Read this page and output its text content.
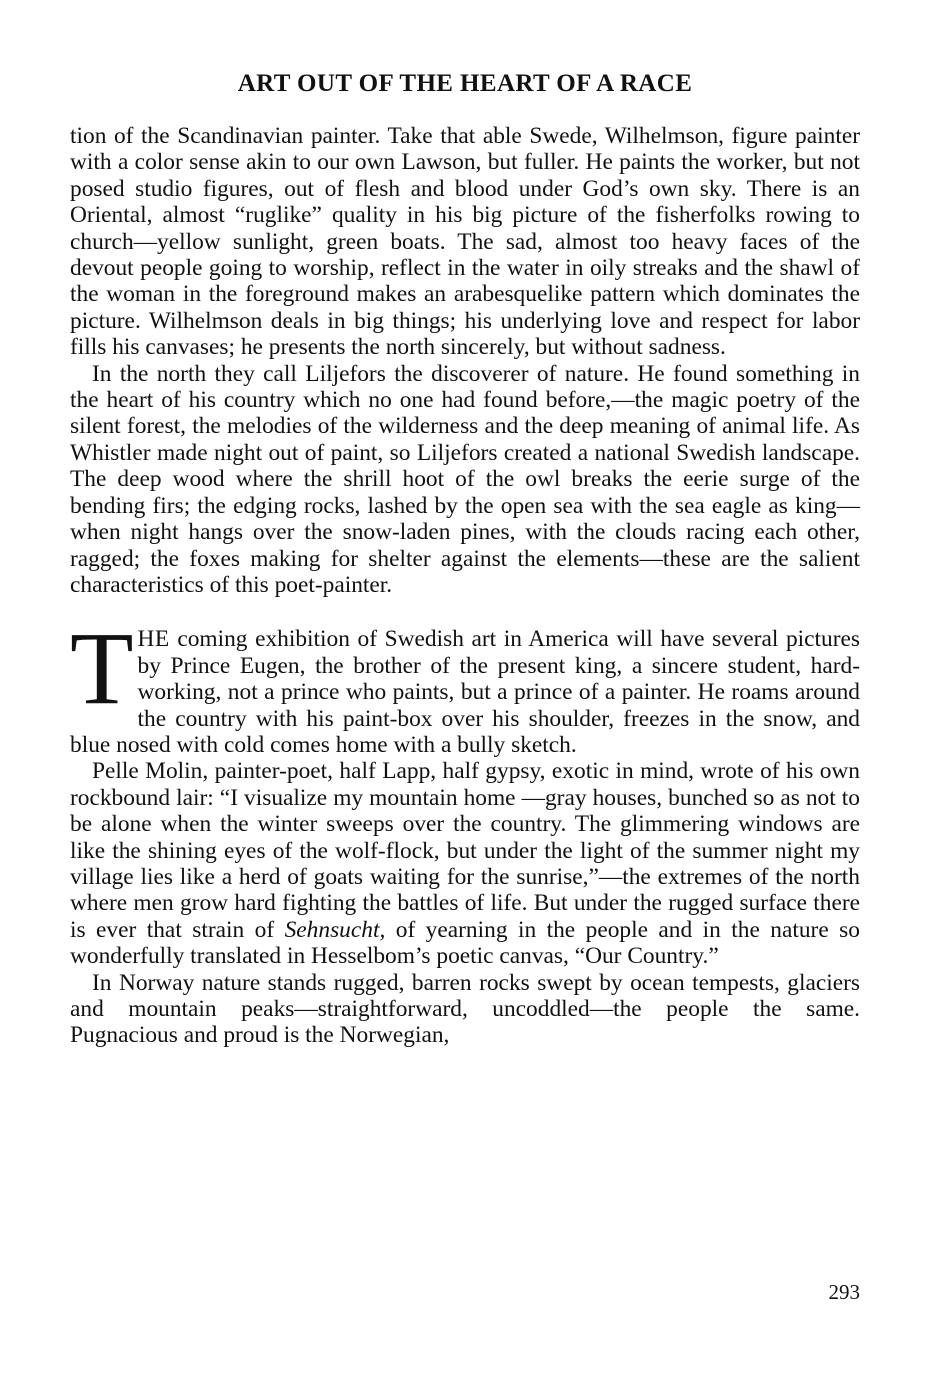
ART OUT OF THE HEART OF A RACE

tion of the Scandinavian painter. Take that able Swede, Wilhelmson, figure painter with a color sense akin to our own Lawson, but fuller. He paints the worker, but not posed studio figures, out of flesh and blood under God’s own sky. There is an Oriental, almost “ruglike” quality in his big picture of the fisherfolks rowing to church—yellow sunlight, green boats. The sad, almost too heavy faces of the devout people going to worship, reflect in the water in oily streaks and the shawl of the woman in the foreground makes an arabesquelike pattern which dominates the picture. Wilhelmson deals in big things; his underlying love and respect for labor fills his canvases; he presents the north sincerely, but without sadness.

In the north they call Liljefors the discoverer of nature. He found something in the heart of his country which no one had found before,—the magic poetry of the silent forest, the melodies of the wilderness and the deep meaning of animal life. As Whistler made night out of paint, so Liljefors created a national Swedish landscape. The deep wood where the shrill hoot of the owl breaks the eerie surge of the bending firs; the edging rocks, lashed by the open sea with the sea eagle as king—when night hangs over the snow-laden pines, with the clouds racing each other, ragged; the foxes making for shelter against the elements—these are the salient characteristics of this poet-painter.

THE coming exhibition of Swedish art in America will have several pictures by Prince Eugen, the brother of the present king, a sincere student, hard-working, not a prince who paints, but a prince of a painter. He roams around the country with his paint-box over his shoulder, freezes in the snow, and blue nosed with cold comes home with a bully sketch.

Pelle Molin, painter-poet, half Lapp, half gypsy, exotic in mind, wrote of his own rockbound lair: “I visualize my mountain home —gray houses, bunched so as not to be alone when the winter sweeps over the country. The glimmering windows are like the shining eyes of the wolf-flock, but under the light of the summer night my village lies like a herd of goats waiting for the sunrise,”—the extremes of the north where men grow hard fighting the battles of life. But under the rugged surface there is ever that strain of Sehnsucht, of yearning in the people and in the nature so wonderfully translated in Hesselbom’s poetic canvas, “Our Country.”

In Norway nature stands rugged, barren rocks swept by ocean tempests, glaciers and mountain peaks—straightforward, uncoddled—the people the same. Pugnacious and proud is the Norwegian,

293
